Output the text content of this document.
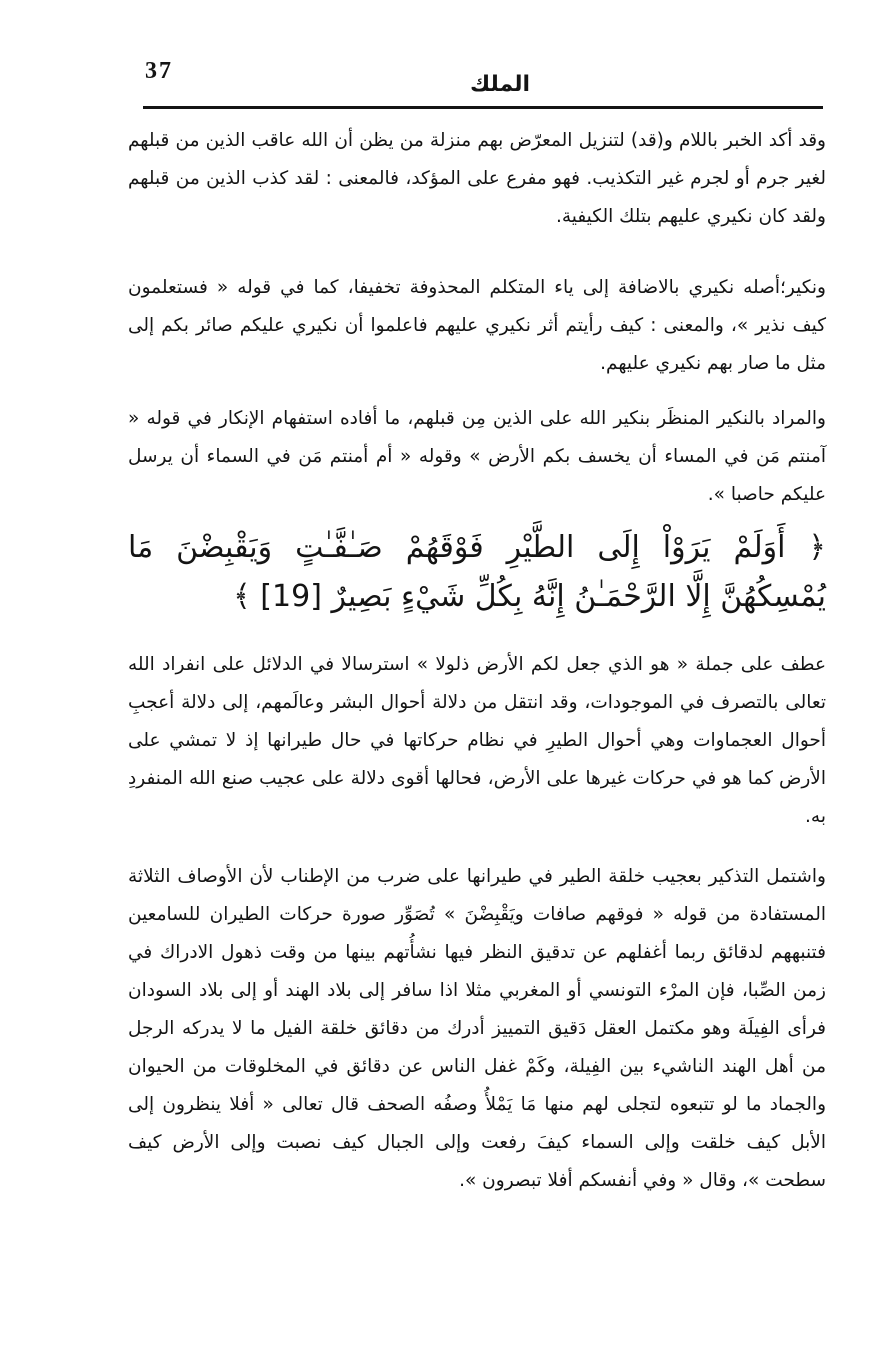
37
الملك

وقد أكد الخبر باللام و(قد) لتنزيل المعرّض بهم منزلة من يظن أن الله عاقب الذين من قبلهم لغير جرم أو لجرم غير التكذيب. فهو مفرع على المؤكد، فالمعنى : لقد كذب الذين من قبلهم ولقد كان نكيري عليهم بتلك الكيفية.

ونكير؛أصله نكيري بالاضافة إلى ياء المتكلم المحذوفة تخفيفا، كما في قوله « فستعلمون كيف نذير »، والمعنى : كيف رأيتم أثر نكيري عليهم فاعلموا أن نكيري عليكم صائر بكم إلى مثل ما صار بهم نكيري عليهم.

والمراد بالنكير المنظَر بنكير الله على الذين مِن قبلهم، ما أفاده استفهام الإنكار في قوله « آمنتم مَن في المساء أن يخسف بكم الأرض » وقوله « أم أمنتم مَن في السماء أن يرسل عليكم حاصبا ».

﴿ أَوَلَمْ يَرَوْاْ إِلَى الطَّيْرِ فَوْقَهُمْ صَـٰفَّـٰتٍ وَيَقْبِضْنَ مَا يُمْسِكُهُنَّ إِلَّا الرَّحْمَـٰنُ إِنَّهُ بِكُلِّ شَيْءٍ بَصِيرٌ [19] ﴾

عطف على جملة « هو الذي جعل لكم الأرض ذلولا » استرسالا في الدلائل على انفراد الله تعالى بالتصرف في الموجودات، وقد انتقل من دلالة أحوال البشر وعالَمهم، إلى دلالة أعجبِ أحوال العجماوات وهي أحوال الطيرِ في نظام حركاتها في حال طيرانها إذ لا تمشي على الأرض كما هو في حركات غيرها على الأرض، فحالها أقوى دلالة على عجيب صنع الله المنفردِ به.

واشتمل التذكير بعجيب خلقة الطير في طيرانها على ضرب من الإطناب لأن الأوصاف الثلاثة المستفادة من قوله « فوقهم صافات ويَقْبِضْنَ » تُصَوِّر صورة حركات الطيران للسامعين فتنبههم لدقائق ربما أغفلهم عن تدقيق النظر فيها نشأُتهم بينها من وقت ذهول الادراك في زمن الصِّبا، فإن المرْء التونسي أو المغربي مثلا اذا سافر إلى بلاد الهند أو إلى بلاد السودان فرأى الفِيلَة وهو مكتمل العقل دَقيق التمييز أدرك من دقائق خلقة الفيل ما لا يدركه الرجل من أهل الهند الناشيء بين الفِيلة، وكَمْ غفل الناس عن دقائق في المخلوقات من الحيوان والجماد ما لو تتبعوه لتجلى لهم منها مَا يَمْلأُ وصفُه الصحف قال تعالى « أفلا ينظرون إلى الأبل كيف خلقت وإلى السماء كيفَ رفعت وإلى الجبال كيف نصبت وإلى الأرض كيف سطحت »، وقال « وفي أنفسكم أفلا تبصرون ».
